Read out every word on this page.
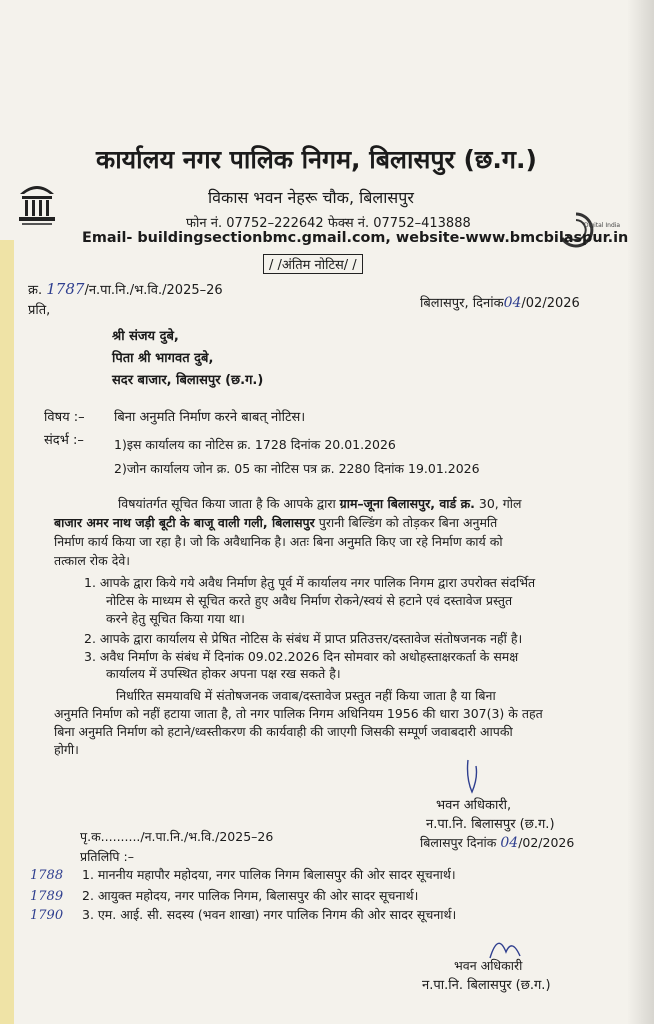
Digital India
कार्यालय नगर पालिक निगम, बिलासपुर (छ.ग.)
विकास भवन नेहरू चौक, बिलासपुर
फोन नं. 07752–222642 फेक्स नं. 07752–413888
Email- buildingsectionbmc.gmail.com, website-www.bmcbilaspur.in
/ /अंतिम नोटिस/ /
क्र. 1787/न.पा.नि./भ.वि./2025–26
प्रति,	बिलासपुर, दिनांक04/02/2026
श्री संजय दुबे,
पिता श्री भागवत दुबे,
सदर बाजार, बिलासपुर (छ.ग.)
विषय :– बिना अनुमति निर्माण करने बाबत् नोटिस।
संदर्भ :– 1)इस कार्यालय का नोटिस क्र. 1728 दिनांक 20.01.2026
2)जोन कार्यालय जोन क्र. 05 का नोटिस पत्र क्र. 2280 दिनांक 19.01.2026
विषयांतर्गत सूचित किया जाता है कि आपके द्वारा ग्राम–जूना बिलासपुर, वार्ड क्र. 30, गोल
बाजार अमर नाथ जड़ी बूटी के बाजू वाली गली, बिलासपुर पुरानी बिल्डिंग को तोड़कर बिना अनुमति
निर्माण कार्य किया जा रहा है। जो कि अवैधानिक है। अतः बिना अनुमति किए जा रहे निर्माण कार्य को
तत्काल रोक देवे।
1. आपके द्वारा किये गये अवैध निर्माण हेतु पूर्व में कार्यालय नगर पालिक निगम द्वारा उपरोक्त संदर्भित
नोटिस के माध्यम से सूचित करते हुए अवैध निर्माण रोकने/स्वयं से हटाने एवं दस्तावेज प्रस्तुत
करने हेतु सूचित किया गया था।
2. आपके द्वारा कार्यालय से प्रेषित नोटिस के संबंध में प्राप्त प्रतिउत्तर/दस्तावेज संतोषजनक नहीं है।
3. अवैध निर्माण के संबंध में दिनांक 09.02.2026 दिन सोमवार को अधोहस्ताक्षरकर्ता के समक्ष
कार्यालय में उपस्थित होकर अपना पक्ष रख सकते है।
निर्धारित समयावधि में संतोषजनक जवाब/दस्तावेज प्रस्तुत नहीं किया जाता है या बिना
अनुमति निर्माण को नहीं हटाया जाता है, तो नगर पालिक निगम अधिनियम 1956 की धारा 307(3) के तहत
बिना अनुमति निर्माण को हटाने/ध्वस्तीकरण की कार्यवाही की जाएगी जिसकी सम्पूर्ण जवाबदारी आपकी
होगी।
भवन अधिकारी,
न.पा.नि. बिलासपुर (छ.ग.)
बिलासपुर दिनांक 04/02/2026
पृ.क........../न.पा.नि./भ.वि./2025–26
प्रतिलिपि :–
1788 1. माननीय महापौर महोदया, नगर पालिक निगम बिलासपुर की ओर सादर सूचनार्थ।
1789 2. आयुक्त महोदय, नगर पालिक निगम, बिलासपुर की ओर सादर सूचनार्थ।
1790 3. एम. आई. सी. सदस्य (भवन शाखा) नगर पालिक निगम की ओर सादर सूचनार्थ।
भवन अधिकारी
न.पा.नि. बिलासपुर (छ.ग.)
